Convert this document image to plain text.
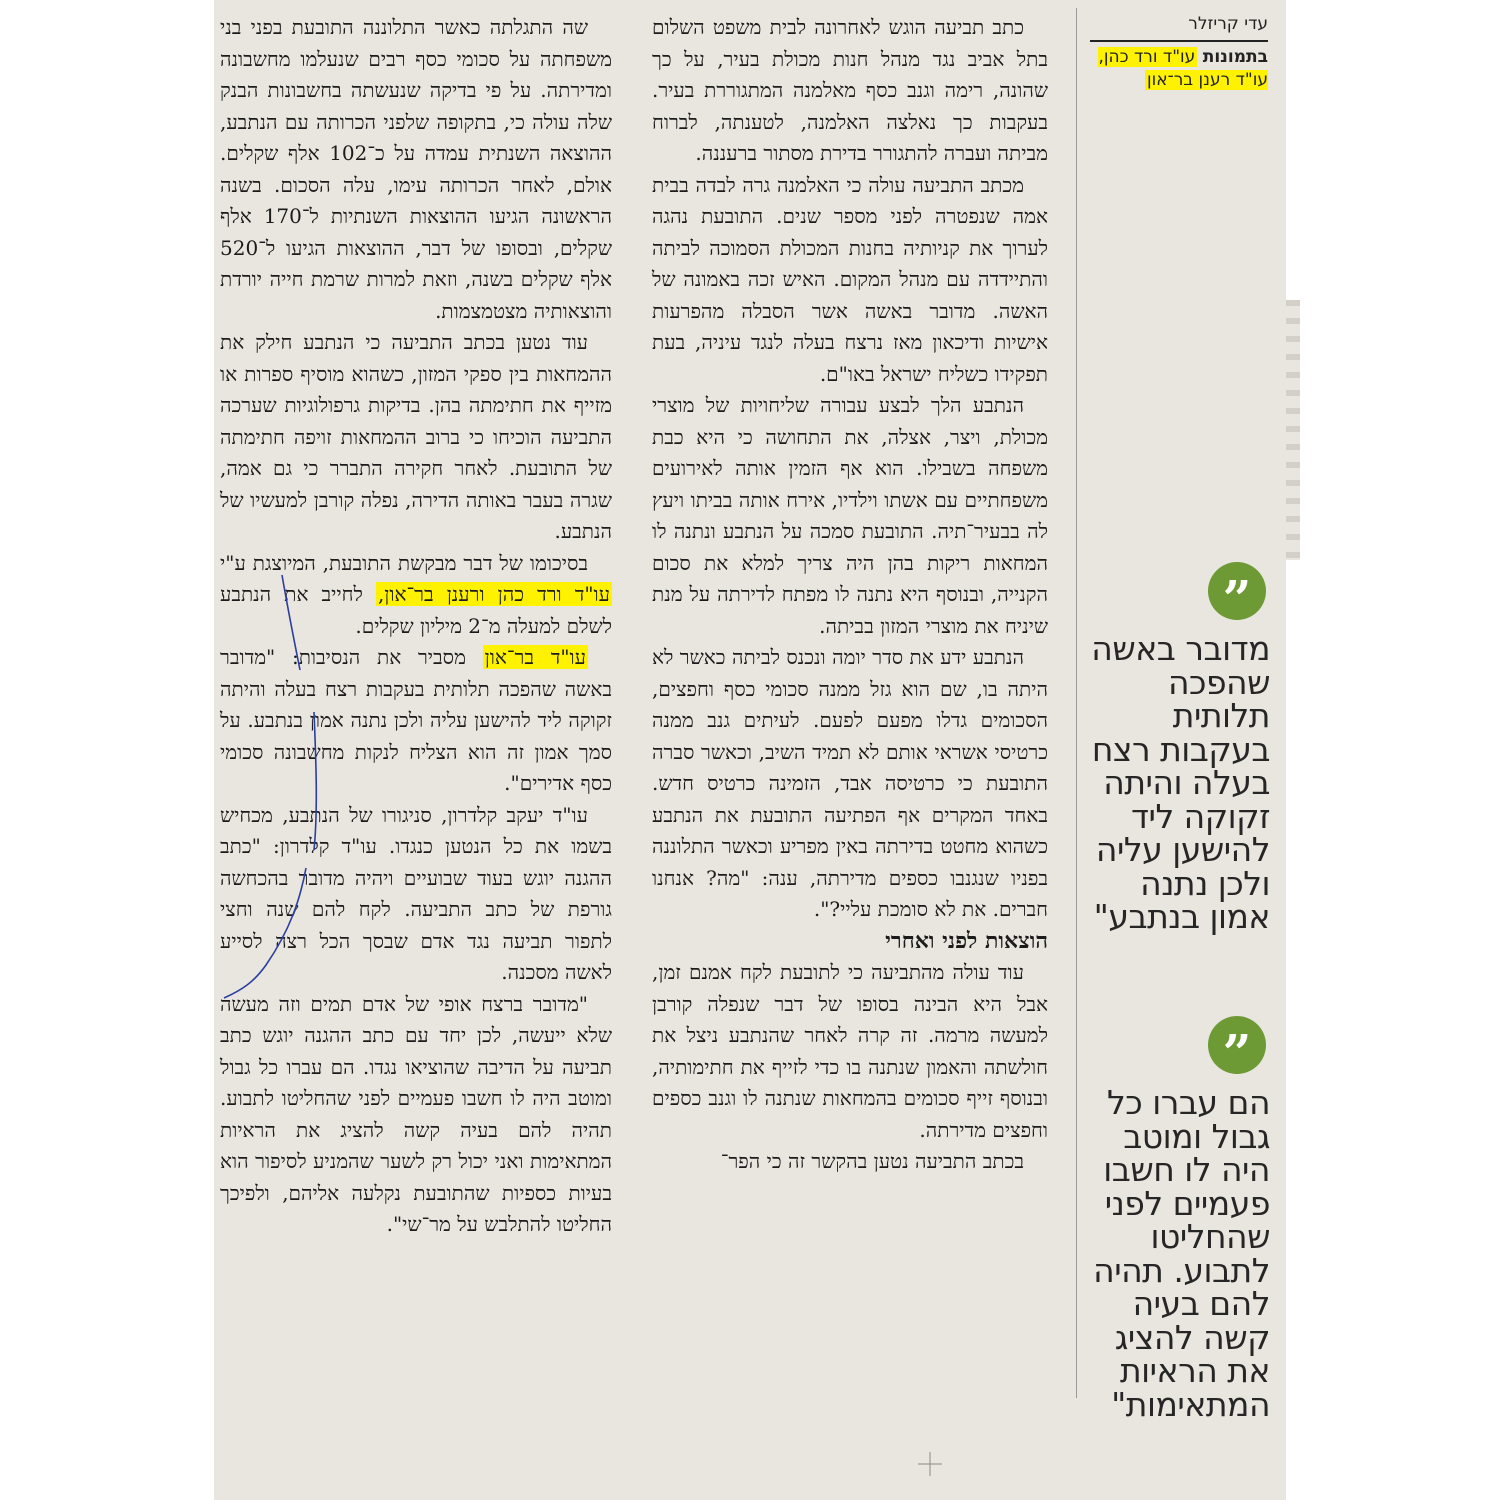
עדי קריזלר
בתמונות עו"ד ורד כהן, עו"ד רענן בר־און
”
מדובר באשה שהפכה תלותית בעקבות רצח בעלה והיתה זקוקה ליד להישען עליה ולכן נתנה אמון בנתבע"
”
הם עברו כל גבול ומוטב היה לו חשבו פעמיים לפני שהחליטו לתבוע. תהיה להם בעיה קשה להציג את הראיות המתאימות"

כתב תביעה הוגש לאחרונה לבית משפט השלום בתל אביב נגד מנהל חנות מכולת בעיר, על כך שהונה, רימה וגנב כסף מאלמנה המתגוררת בעיר. בעקבות כך נאלצה האלמנה, לטענתה, לברוח מביתה ועברה להתגורר בדירת מסתור ברעננה.

מכתב התביעה עולה כי האלמנה גרה לבדה בבית אמה שנפטרה לפני מספר שנים. התובעת נהגה לערוך את קניותיה בחנות המכולת הסמוכה לביתה והתיידדה עם מנהל המקום. האיש זכה באמונה של האשה. מדובר באשה אשר הסבלה מהפרעות אישיות ודיכאון מאז נרצח בעלה לנגד עיניה, בעת תפקידו כשליח ישראל באו"ם.

הנתבע הלך לבצע עבורה שליחויות של מוצרי מכולת, ויצר, אצלה, את התחושה כי היא כבת משפחה בשבילו. הוא אף הזמין אותה לאירועים משפחתיים עם אשתו וילדיו, אירח אותה בביתו ויעץ לה בבעיר־תיה. התובעת סמכה על הנתבע ונתנה לו המחאות ריקות בהן היה צריך למלא את סכום הקנייה, ובנוסף היא נתנה לו מפתח לדירתה על מנת שיניח את מוצרי המזון בביתה.

הנתבע ידע את סדר יומה ונכנס לביתה כאשר לא היתה בו, שם הוא גזל ממנה סכומי כסף וחפצים, הסכומים גדלו מפעם לפעם. לעיתים גנב ממנה כרטיסי אשראי אותם לא תמיד השיב, וכאשר סברה התובעת כי כרטיסה אבד, הזמינה כרטיס חדש. באחד המקרים אף הפתיעה התובעת את הנתבע כשהוא מחטט בדירתה באין מפריע וכאשר התלוננה בפניו שנגנבו כספים מדירתה, ענה: "מה? אנחנו חברים. את לא סומכת עליי?".

הוצאות לפני ואחרי

עוד עולה מהתביעה כי לתובעת לקח אמנם זמן, אבל היא הבינה בסופו של דבר שנפלה קורבן למעשה מרמה. זה קרה לאחר שהנתבע ניצל את חולשתה והאמון שנתנה בו כדי לזייף את חתימותיה, ובנוסף זייף סכומים בהמחאות שנתנה לו וגנב כספים וחפצים מדירתה.

בכתב התביעה נטען בהקשר זה כי הפר־

שה התגלתה כאשר התלוננה התובעת בפני בני משפחתה על סכומי כסף רבים שנעלמו מחשבונה ומדירתה. על פי בדיקה שנעשתה בחשבונות הבנק שלה עולה כי, בתקופה שלפני הכרותה עם הנתבע, ההוצאה השנתית עמדה על כ־102 אלף שקלים. אולם, לאחר הכרותה עימו, עלה הסכום. בשנה הראשונה הגיעו ההוצאות השנתיות ל־170 אלף שקלים, ובסופו של דבר, ההוצאות הגיעו ל־520 אלף שקלים בשנה, וזאת למרות שרמת חייה יורדת והוצאותיה מצטמצמות.

עוד נטען בכתב התביעה כי הנתבע חילק את ההמחאות בין ספקי המזון, כשהוא מוסיף ספרות או מזייף את חתימתה בהן. בדיקות גרפולוגיות שערכה התביעה הוכיחו כי ברוב ההמחאות זויפה חתימתה של התובעת. לאחר חקירה התברר כי גם אמה, שגרה בעבר באותה הדירה, נפלה קורבן למעשיו של הנתבע.

בסיכומו של דבר מבקשת התובעת, המיוצגת ע"י עו"ד ורד כהן ורענן בר־און, לחייב את הנתבע לשלם למעלה מ־2 מיליון שקלים.

עו"ד בר־און מסביר את הנסיבות: "מדובר באשה שהפכה תלותית בעקבות רצח בעלה והיתה זקוקה ליד להישען עליה ולכן נתנה אמון בנתבע. על סמך אמון זה הוא הצליח לנקות מחשבונה סכומי כסף אדירים".

עו"ד יעקב קלדרון, סניגורו של הנתבע, מכחיש בשמו את כל הנטען כנגדו. עו"ד קלדרון: "כתב ההגנה יוגש בעוד שבועיים ויהיה מדובר בהכחשה גורפת של כתב התביעה. לקח להם שנה וחצי לתפור תביעה נגד אדם שבסך הכל רצה לסייע לאשה מסכנה.

"מדובר ברצח אופי של אדם תמים וזה מעשה שלא ייעשה, לכן יחד עם כתב ההגנה יוגש כתב תביעה על הדיבה שהוציאו נגדו. הם עברו כל גבול ומוטב היה לו חשבו פעמיים לפני שהחליטו לתבוע. תהיה להם בעיה קשה להציג את הראיות המתאימות ואני יכול רק לשער שהמניע לסיפור הוא בעיות כספיות שהתובעת נקלעה אליהם, ולפיכך החליטו להתלבש על מר־שי".
